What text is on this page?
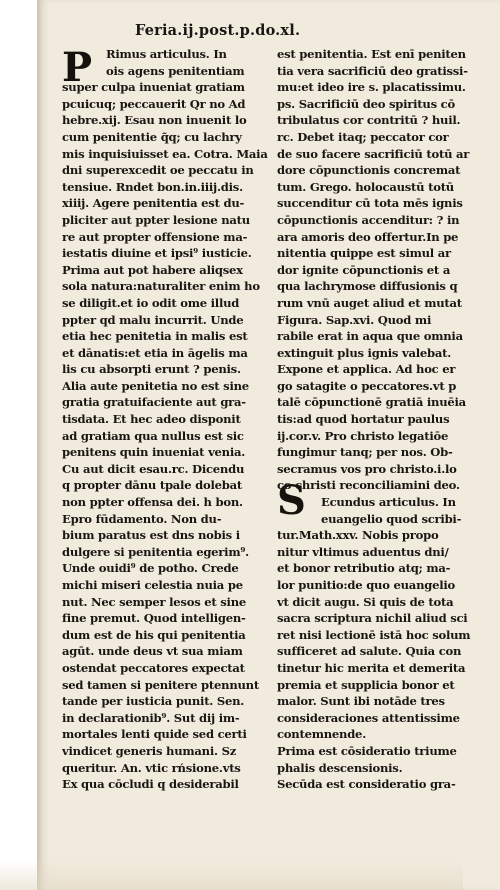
Feria.ij.post.p.do.xl.
P
S
Rimus articulus. In
ois agens penitentiam
super culpa inueniat gratiam
pcuicuq; peccauerit Qr no Ad
hebre.xij. Esau non inuenit lo
cum penitentie q̃q; cu lachry
mis inquisiuisset ea. Cotra. Maia
dni superexcedit oe peccatu in
tensiue. Rndet bon.in.iiij.dis.
xiiij. Agere penitentia est du-
pliciter aut ppter lesione natu
re aut propter offensione ma-
iestatis diuine et ipsi⁹ iusticie.
Prima aut pot habere aliqsex
sola natura:naturaliter enim ho
se diligit.et io odit ome illud
ppter qd malu incurrit. Unde
etia hec penitetia in malis est
et dānatis:et etia in āgelis ma
lis cu absorpti erunt ? penis.
Alia aute penitetia no est sine
gratia gratuifaciente aut gra-
tisdata. Et hec adeo disponit
ad gratiam qua nullus est sic
penitens quin inueniat venia.
Cu aut dicit esau.rc. Dicendu
q propter dānu tpale dolebat
non ppter offensa dei. h bon.
Epro fūdamento. Non du-
bium paratus est dns nobis i
dulgere si penitentia egerim⁹.
Unde ouidi⁹ de potho. Crede
michi miseri celestia nuia pe
nut. Nec semper lesos et sine
fine premut. Quod intelligen-
dum est de his qui penitentia
agūt. unde deus vt sua miam
ostendat peccatores expectat
sed tamen si penitere ptennunt
tande per iusticia punit. Sen.
in declarationib⁹. Sut dij im-
mortales lenti quide sed certi
vindicet generis humani. Sz
queritur. An. vtic rńsione.vts
Ex qua cōcludi q desiderabil
est penitentia. Est enī peniten
tia vera sacrificiū deo gratissi-
mu:et ideo ire s. placatissimu.
ps. Sacrificiū deo spiritus cō
tribulatus cor contritū ? huil.
rc. Debet itaq; peccator cor
de suo facere sacrificiū totū ar
dore cōpunctionis concremat
tum. Grego. holocaustū totū
succenditur cū tota mēs ignis
cōpunctionis accenditur: ? in
ara amoris deo offertur.In pe
nitentia quippe est simul ar
dor ignite cōpunctionis et a
qua lachrymose diffusionis q
rum vnū auget aliud et mutat
Figura. Sap.xvi. Quod mi
rabile erat in aqua que omnia
extinguit plus ignis valebat.
Expone et applica. Ad hoc er
go satagite o peccatores.vt p
talē cōpunctionē gratiā inuēia
tis:ad quod hortatur paulus
ij.cor.v. Pro christo legatiōe
fungimur tanq; per nos. Ob-
secramus vos pro christo.i.lo
co christi reconciliamini deo.
Ecundus articulus. In
euangelio quod scribi-
tur.Math.xxv. Nobis propo
nitur vltimus aduentus dni/
et bonor retributio atq; ma-
lor punitio:de quo euangelio
vt dicit augu. Si quis de tota
sacra scriptura nichil aliud sci
ret nisi lectionē istā hoc solum
sufficeret ad salute. Quia con
tinetur hic merita et demerita
premia et supplicia bonor et
malor. Sunt ibi notāde tres
consideraciones attentissime
contemnende.
Prima est cōsideratio triume
phalis descensionis.
Secūda est consideratio gra-
